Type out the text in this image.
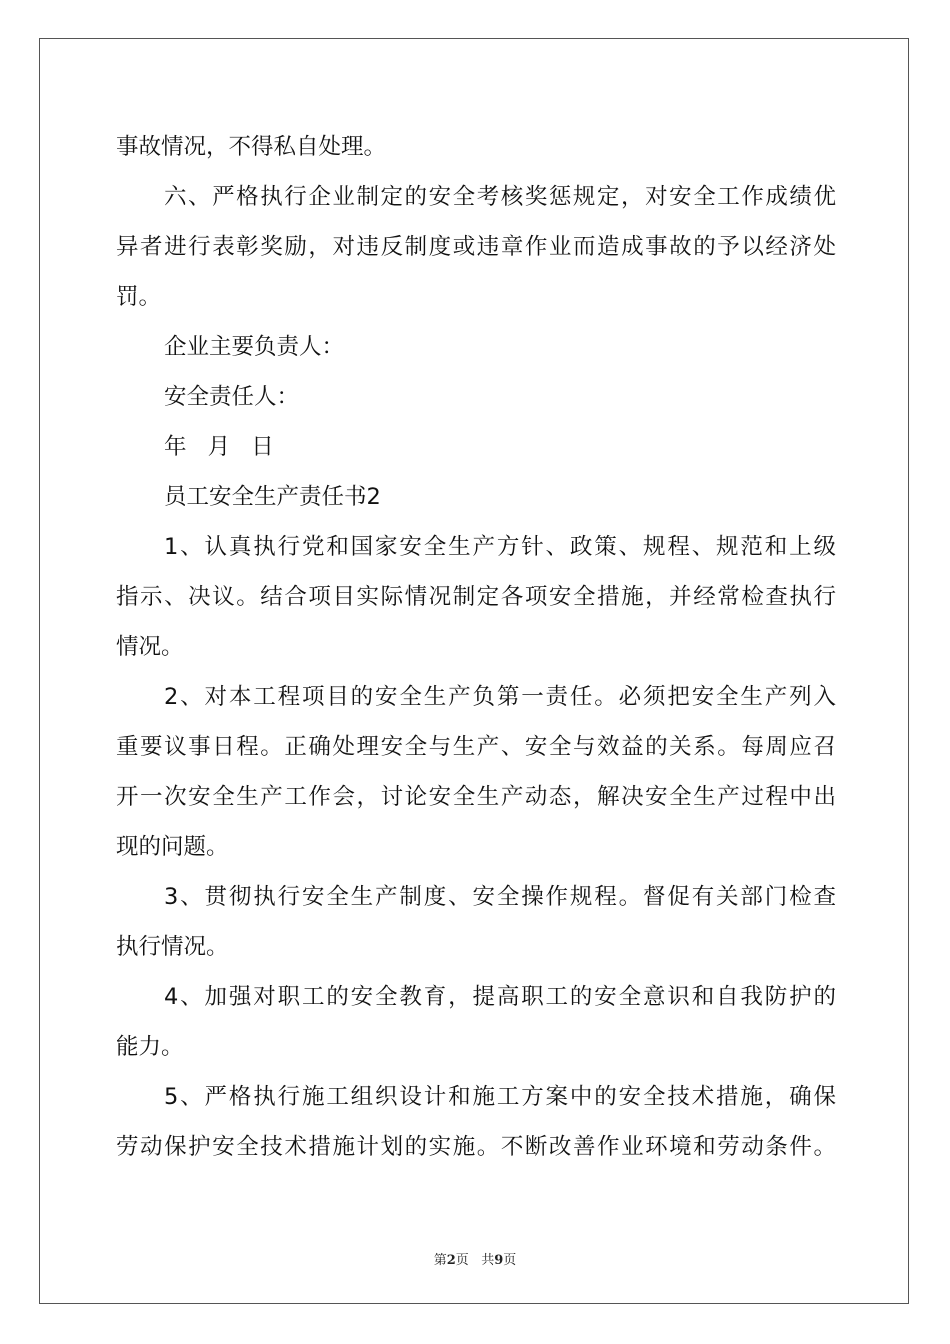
事故情况，不得私自处理。
六、严格执行企业制定的安全考核奖惩规定，对安全工作成绩优
异者进行表彰奖励，对违反制度或违章作业而造成事故的予以经济处
罚。
企业主要负责人：
安全责任人：
年 月 日
员工安全生产责任书2
1、认真执行党和国家安全生产方针、政策、规程、规范和上级
指示、决议。结合项目实际情况制定各项安全措施，并经常检查执行
情况。
2、对本工程项目的安全生产负第一责任。必须把安全生产列入
重要议事日程。正确处理安全与生产、安全与效益的关系。每周应召
开一次安全生产工作会，讨论安全生产动态，解决安全生产过程中出
现的问题。
3、贯彻执行安全生产制度、安全操作规程。督促有关部门检查
执行情况。
4、加强对职工的安全教育，提高职工的安全意识和自我防护的
能力。
5、严格执行施工组织设计和施工方案中的安全技术措施，确保
劳动保护安全技术措施计划的实施。不断改善作业环境和劳动条件。
第2页 共9页
